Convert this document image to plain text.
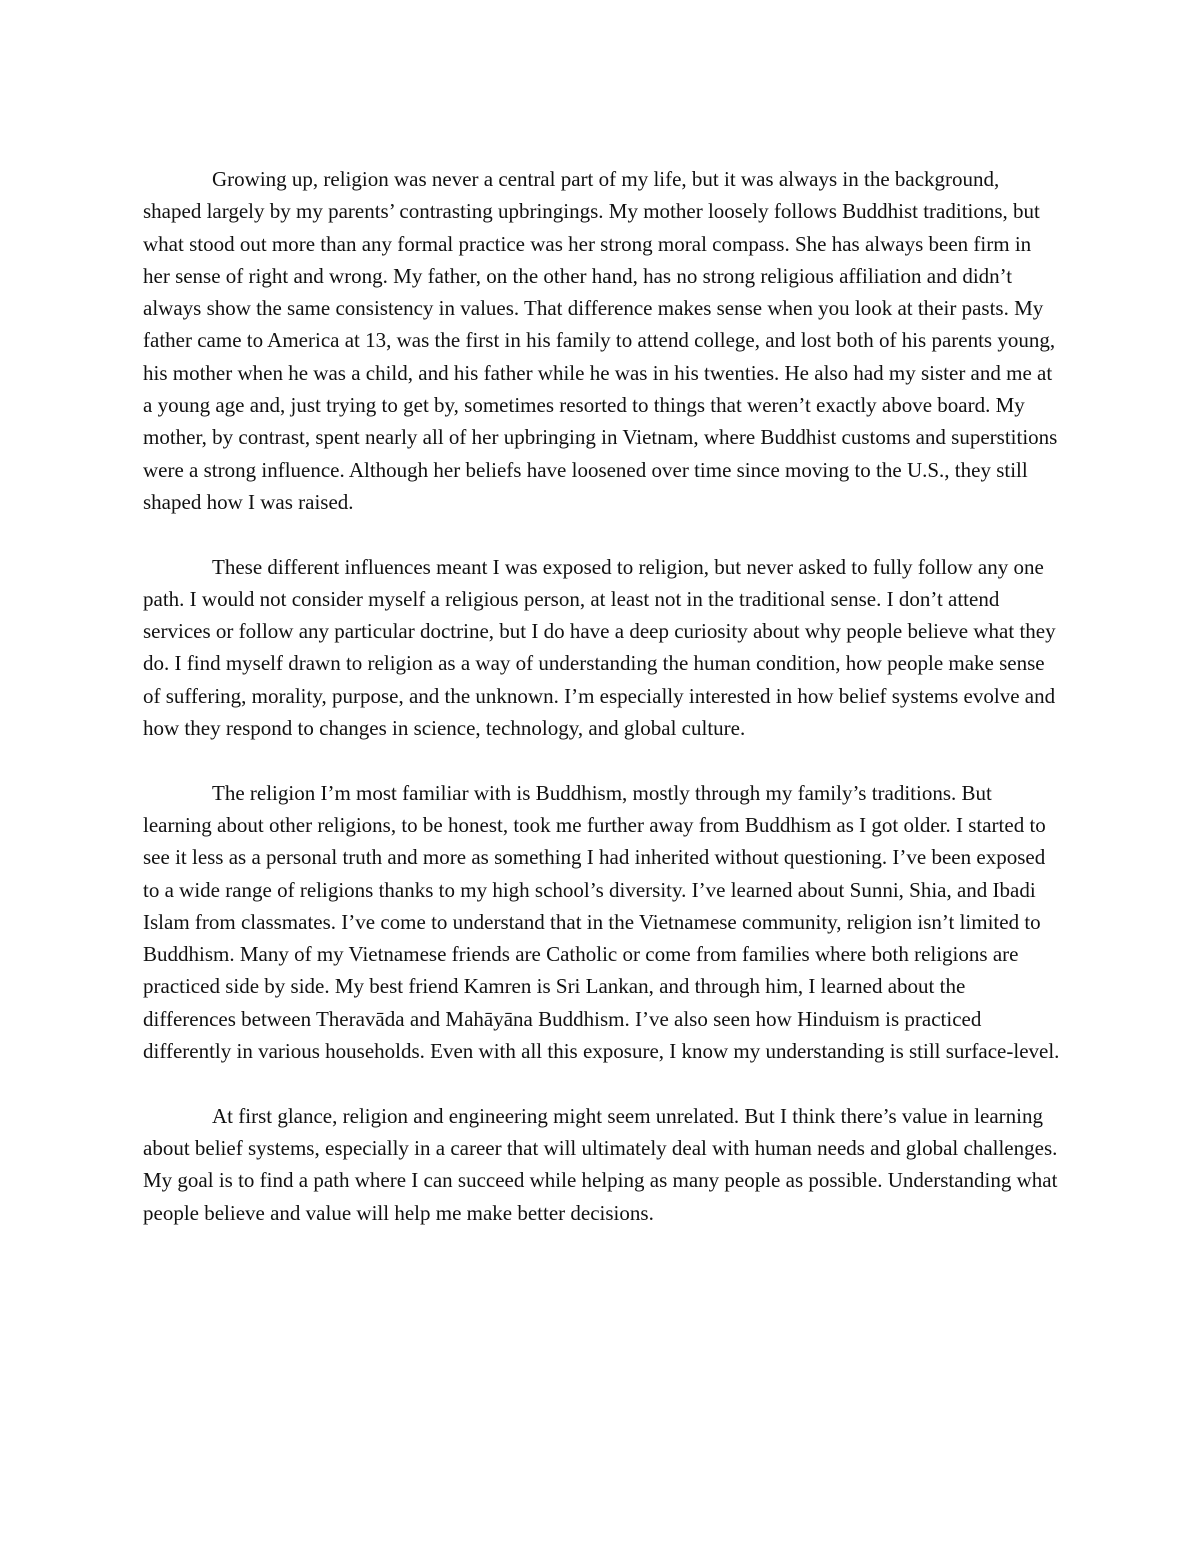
Growing up, religion was never a central part of my life, but it was always in the background, shaped largely by my parents’ contrasting upbringings. My mother loosely follows Buddhist traditions, but what stood out more than any formal practice was her strong moral compass. She has always been firm in her sense of right and wrong. My father, on the other hand, has no strong religious affiliation and didn’t always show the same consistency in values. That difference makes sense when you look at their pasts. My father came to America at 13, was the first in his family to attend college, and lost both of his parents young, his mother when he was a child, and his father while he was in his twenties. He also had my sister and me at a young age and, just trying to get by, sometimes resorted to things that weren’t exactly above board. My mother, by contrast, spent nearly all of her upbringing in Vietnam, where Buddhist customs and superstitions were a strong influence. Although her beliefs have loosened over time since moving to the U.S., they still shaped how I was raised.

These different influences meant I was exposed to religion, but never asked to fully follow any one path. I would not consider myself a religious person, at least not in the traditional sense. I don’t attend services or follow any particular doctrine, but I do have a deep curiosity about why people believe what they do. I find myself drawn to religion as a way of understanding the human condition, how people make sense of suffering, morality, purpose, and the unknown. I’m especially interested in how belief systems evolve and how they respond to changes in science, technology, and global culture.

The religion I’m most familiar with is Buddhism, mostly through my family’s traditions. But learning about other religions, to be honest, took me further away from Buddhism as I got older. I started to see it less as a personal truth and more as something I had inherited without questioning. I’ve been exposed to a wide range of religions thanks to my high school’s diversity. I’ve learned about Sunni, Shia, and Ibadi Islam from classmates. I’ve come to understand that in the Vietnamese community, religion isn’t limited to Buddhism. Many of my Vietnamese friends are Catholic or come from families where both religions are practiced side by side. My best friend Kamren is Sri Lankan, and through him, I learned about the differences between Theravāda and Mahāyāna Buddhism. I’ve also seen how Hinduism is practiced differently in various households. Even with all this exposure, I know my understanding is still surface-level.

At first glance, religion and engineering might seem unrelated. But I think there’s value in learning about belief systems, especially in a career that will ultimately deal with human needs and global challenges. My goal is to find a path where I can succeed while helping as many people as possible. Understanding what people believe and value will help me make better decisions.
